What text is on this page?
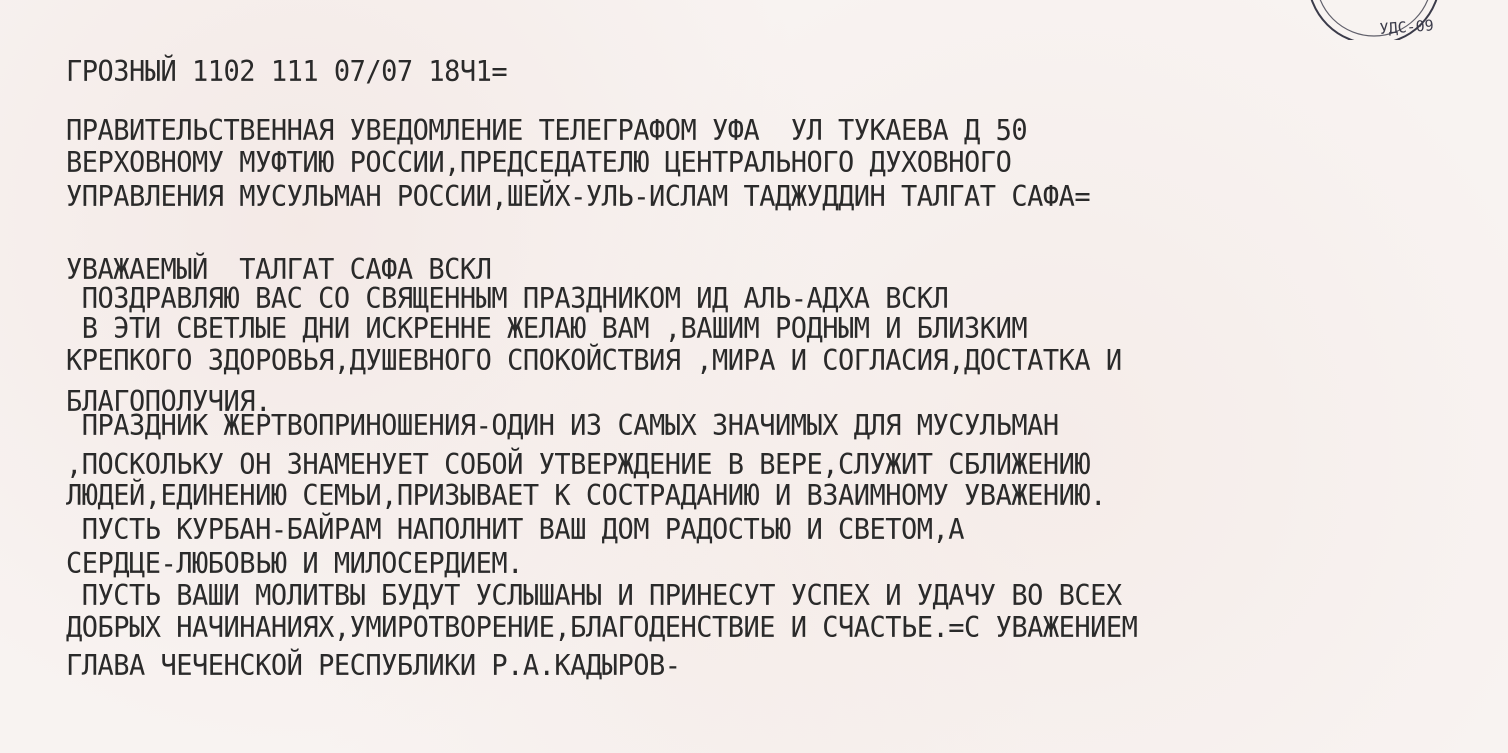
УДС-09
ГРОЗНЫЙ 1102 111 07/07 18Ч1=
ПРАВИТЕЛЬСТВЕННАЯ УВЕДОМЛЕНИЕ ТЕЛЕГРАФОМ УФА  УЛ ТУКАЕВА Д 50
ВЕРХОВНОМУ МУФТИЮ РОССИИ,ПРЕДСЕДАТЕЛЮ ЦЕНТРАЛЬНОГО ДУХОВНОГО
УПРАВЛЕНИЯ МУСУЛЬМАН РОССИИ,ШЕЙХ-УЛЬ-ИСЛАМ ТАДЖУДДИН ТАЛГАТ САФА=
УВАЖАЕМЫЙ  ТАЛГАТ САФА ВСКЛ
ПОЗДРАВЛЯЮ ВАС СО СВЯЩЕННЫМ ПРАЗДНИКОМ ИД АЛЬ-АДХА ВСКЛ
В ЭТИ СВЕТЛЫЕ ДНИ ИСКРЕННЕ ЖЕЛАЮ ВАМ ,ВАШИМ РОДНЫМ И БЛИЗКИМ
КРЕПКОГО ЗДОРОВЬЯ,ДУШЕВНОГО СПОКОЙСТВИЯ ,МИРА И СОГЛАСИЯ,ДОСТАТКА И
БЛАГОПОЛУЧИЯ.
ПРАЗДНИК ЖЕРТВОПРИНОШЕНИЯ-ОДИН ИЗ САМЫХ ЗНАЧИМЫХ ДЛЯ МУСУЛЬМАН
,ПОСКОЛЬКУ ОН ЗНАМЕНУЕТ СОБОЙ УТВЕРЖДЕНИЕ В ВЕРЕ,СЛУЖИТ СБЛИЖЕНИЮ
ЛЮДЕЙ,ЕДИНЕНИЮ СЕМЬИ,ПРИЗЫВАЕТ К СОСТРАДАНИЮ И ВЗАИМНОМУ УВАЖЕНИЮ.
ПУСТЬ КУРБАН-БАЙРАМ НАПОЛНИТ ВАШ ДОМ РАДОСТЬЮ И СВЕТОМ,А
СЕРДЦЕ-ЛЮБОВЬЮ И МИЛОСЕРДИЕМ.
ПУСТЬ ВАШИ МОЛИТВЫ БУДУТ УСЛЫШАНЫ И ПРИНЕСУТ УСПЕХ И УДАЧУ ВО ВСЕХ
ДОБРЫХ НАЧИНАНИЯХ,УМИРОТВОРЕНИЕ,БЛАГОДЕНСТВИЕ И СЧАСТЬЕ.=С УВАЖЕНИЕМ
ГЛАВА ЧЕЧЕНСКОЙ РЕСПУБЛИКИ Р.А.КАДЫРОВ-
